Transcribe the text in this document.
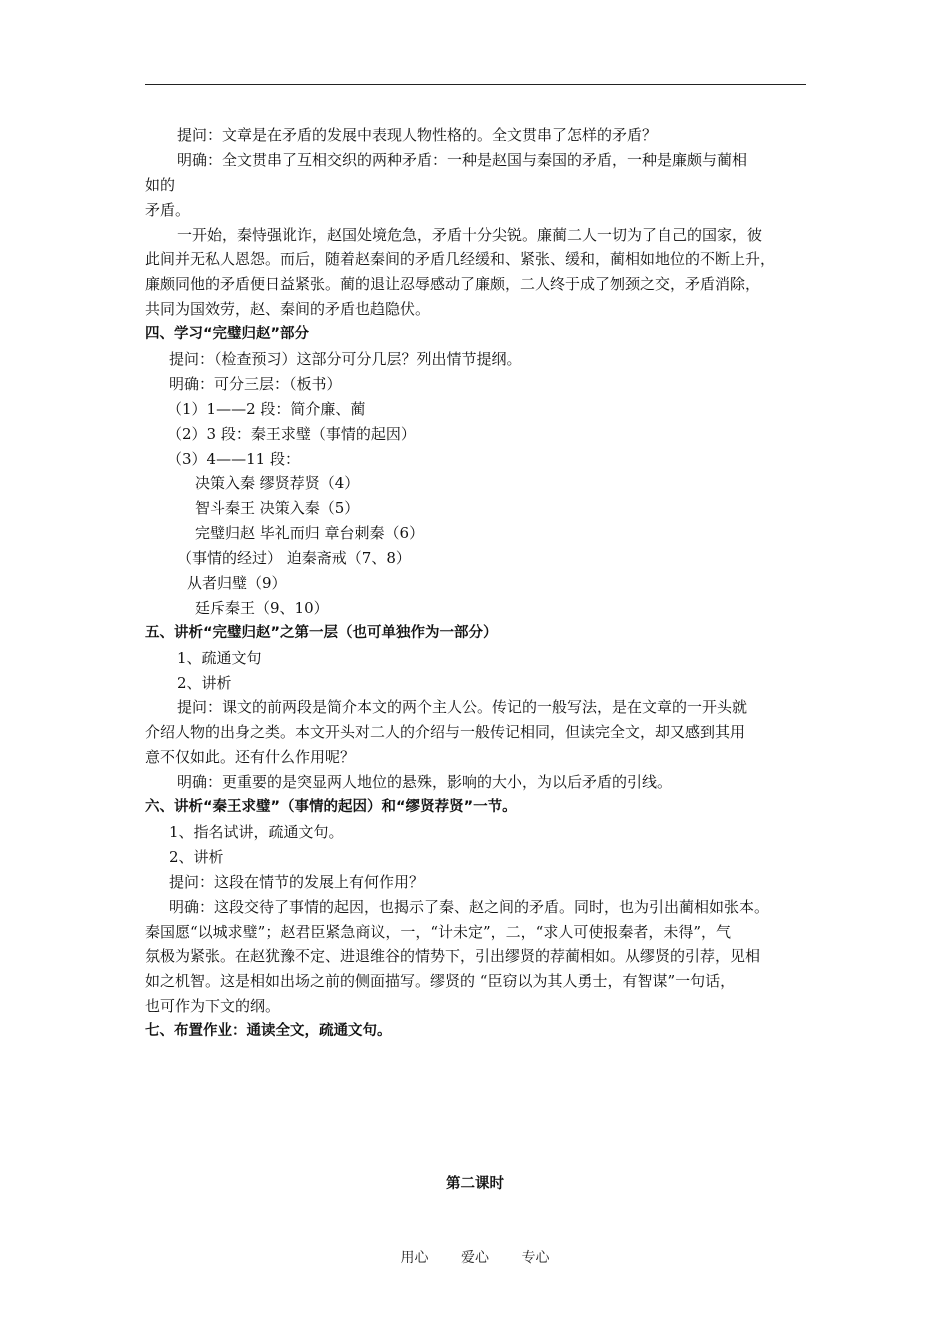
提问：文章是在矛盾的发展中表现人物性格的。全文贯串了怎样的矛盾？
明确：全文贯串了互相交织的两种矛盾：一种是赵国与秦国的矛盾，一种是廉颇与蔺相
如的
矛盾。
一开始，秦恃强讹诈，赵国处境危急，矛盾十分尖锐。廉蔺二人一切为了自己的国家，彼
此间并无私人恩怨。而后，随着赵秦间的矛盾几经缓和、紧张、缓和，蔺相如地位的不断上升，
廉颇同他的矛盾便日益紧张。蔺的退让忍辱感动了廉颇，二人终于成了刎颈之交，矛盾消除，
共同为国效劳，赵、秦间的矛盾也趋隐伏。
四、学习“完璧归赵”部分
提问：（检查预习）这部分可分几层？列出情节提纲。
明确：可分三层：（板书）
（1）1——2 段：简介廉、蔺
（2）3 段：秦王求璧（事情的起因）
（3）4——11 段：
决策入秦 缪贤荐贤（4）
智斗秦王 决策入秦（5）
完璧归赵 毕礼而归 章台刺秦（6）
（事情的经过） 迫秦斋戒（7、8）
从者归璧（9）
廷斥秦王（9、10）
五、讲析“完璧归赵”之第一层（也可单独作为一部分）
1、疏通文句
2、讲析
提问：课文的前两段是简介本文的两个主人公。传记的一般写法，是在文章的一开头就
介绍人物的出身之类。本文开头对二人的介绍与一般传记相同，但读完全文，却又感到其用
意不仅如此。还有什么作用呢？
明确：更重要的是突显两人地位的悬殊，影响的大小，为以后矛盾的引线。
六、讲析“秦王求璧”（事情的起因）和“缪贤荐贤”一节。
1、指名试讲，疏通文句。
2、讲析
提问：这段在情节的发展上有何作用？
明确：这段交待了事情的起因，也揭示了秦、赵之间的矛盾。同时，也为引出蔺相如张本。
秦国愿“以城求璧”；赵君臣紧急商议，一，“计未定”，二，“求人可使报秦者，未得”，气
氛极为紧张。在赵犹豫不定、进退维谷的情势下，引出缪贤的荐蔺相如。从缪贤的引荐，见相
如之机智。这是相如出场之前的侧面描写。缪贤的 “臣窃以为其人勇士，有智谋”一句话，
也可作为下文的纲。
七、布置作业：通读全文，疏通文句。
第二课时
用心 爱心 专心
